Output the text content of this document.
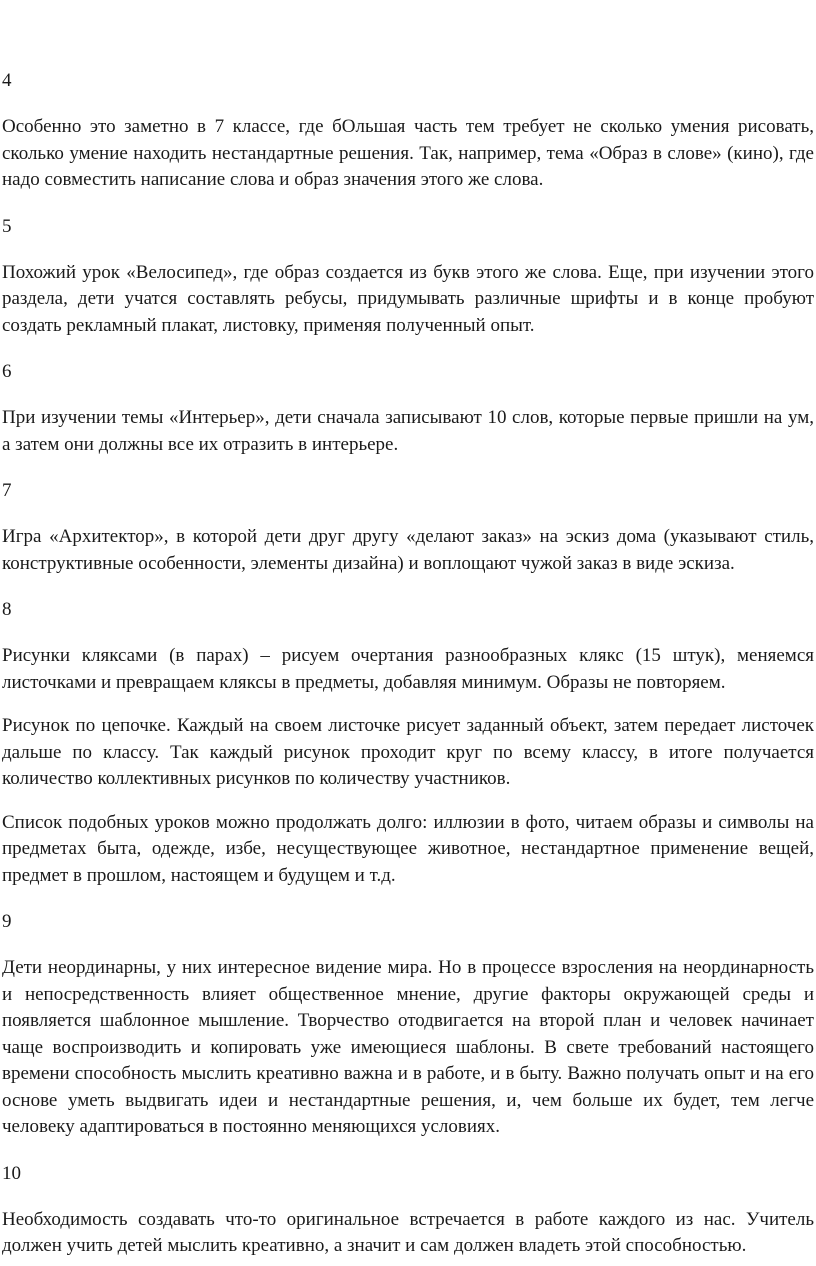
4

Особенно это заметно в 7 классе, где бОльшая часть тем требует не сколько умения рисовать, сколько умение находить нестандартные решения. Так, например, тема «Образ в слове» (кино), где надо совместить написание слова и образ значения этого же слова.

5

Похожий урок «Велосипед», где образ создается из букв этого же слова. Еще, при изучении этого раздела, дети учатся составлять ребусы, придумывать различные шрифты и в конце пробуют создать рекламный плакат, листовку, применяя полученный опыт.

6

При изучении темы «Интерьер», дети сначала записывают 10 слов, которые первые пришли на ум, а затем они должны все их отразить в интерьере.

7

Игра «Архитектор», в которой дети друг другу «делают заказ» на эскиз дома (указывают стиль, конструктивные особенности, элементы дизайна) и воплощают чужой заказ в виде эскиза.

8

Рисунки кляксами (в парах) – рисуем очертания разнообразных клякс (15 штук), меняемся листочками и превращаем кляксы в предметы, добавляя минимум. Образы не повторяем.

Рисунок по цепочке. Каждый на своем листочке рисует заданный объект, затем передает листочек дальше по классу. Так каждый рисунок проходит круг по всему классу, в итоге получается количество коллективных рисунков по количеству участников.

Список подобных уроков можно продолжать долго: иллюзии в фото, читаем образы и символы на предметах быта, одежде, избе, несуществующее животное, нестандартное применение вещей, предмет в прошлом, настоящем и будущем и т.д.

9

Дети неординарны, у них интересное видение мира. Но в процессе взросления на неординарность и непосредственность влияет общественное мнение, другие факторы окружающей среды и появляется шаблонное мышление. Творчество отодвигается на второй план и человек начинает чаще воспроизводить и копировать уже имеющиеся шаблоны. В свете требований настоящего времени способность мыслить креативно важна и в работе, и в быту. Важно получать опыт и на его основе уметь выдвигать идеи и нестандартные решения, и, чем больше их будет, тем легче человеку адаптироваться в постоянно меняющихся условиях.

10

Необходимость создавать что-то оригинальное встречается в работе каждого из нас. Учитель должен учить детей мыслить креативно, а значит и сам должен владеть этой способностью.
